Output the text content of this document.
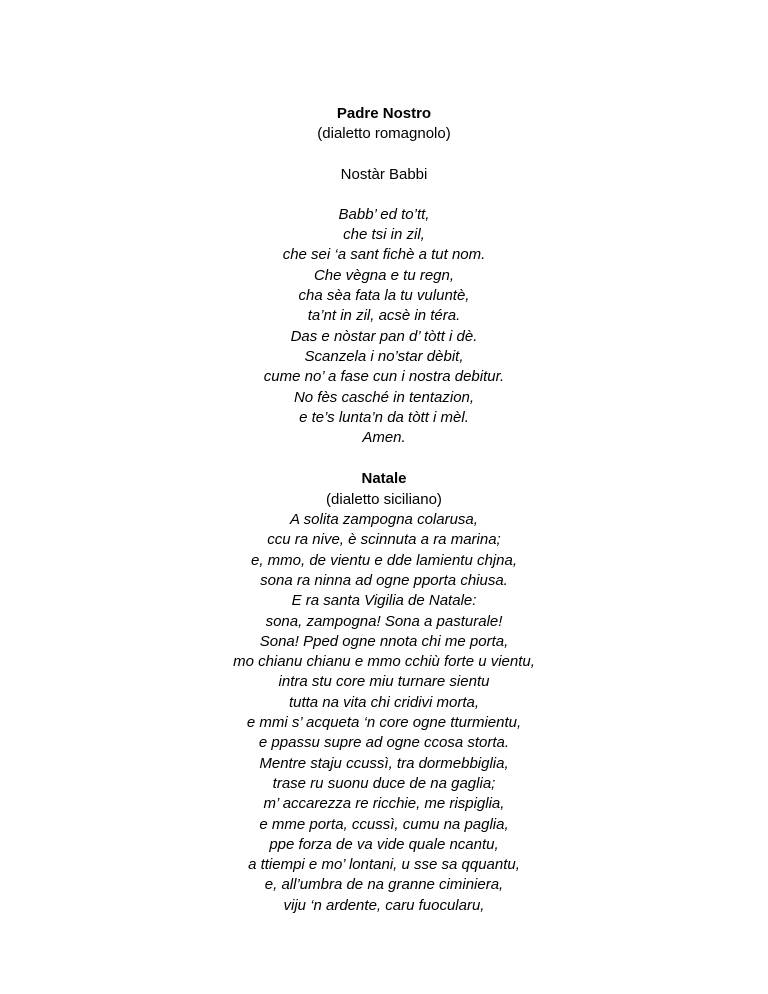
Padre Nostro
(dialetto romagnolo)
Nostàr Babbi
Babb’ ed to’tt,
che tsi in zil,
che sei ‘a sant fichè a tut nom.
Che vègna e tu regn,
cha sèa fata la tu vuluntè,
ta’nt in zil, acsè in téra.
Das e nòstar pan d’ tòtt i dè.
Scanzela i no’star dèbit,
cume no’ a fase cun i nostra debitur.
No fès casché in tentazion,
e te’s lunta’n da tòtt i mèl.
Amen.
Natale
(dialetto siciliano)
A solita zampogna colarusa,
ccu ra nive, è scinnuta a ra marina;
e, mmo, de vientu e dde lamientu chjna,
sona ra ninna ad ogne pporta chiusa.
E ra santa Vigilia de Natale:
sona, zampogna! Sona a pasturale!
Sona! Pped ogne nnota chi me porta,
mo chianu chianu e mmo cchiù forte u vientu,
intra stu core miu turnare sientu
tutta na vita chi cridivi morta,
e mmi s’ acqueta ‘n core ogne tturmientu,
e ppassu supre ad ogne ccosa storta.
Mentre staju ccussì, tra dormebbiglia,
trase ru suonu duce de na gaglia;
m’ accarezza re ricchie, me rispiglia,
e mme porta, ccussì, cumu na paglia,
ppe forza de va vide quale ncantu,
a ttiempi e mo’ lontani, u sse sa qquantu,
e, all’umbra de na granne ciminiera,
viju ‘n ardente, caru fuocularu,
